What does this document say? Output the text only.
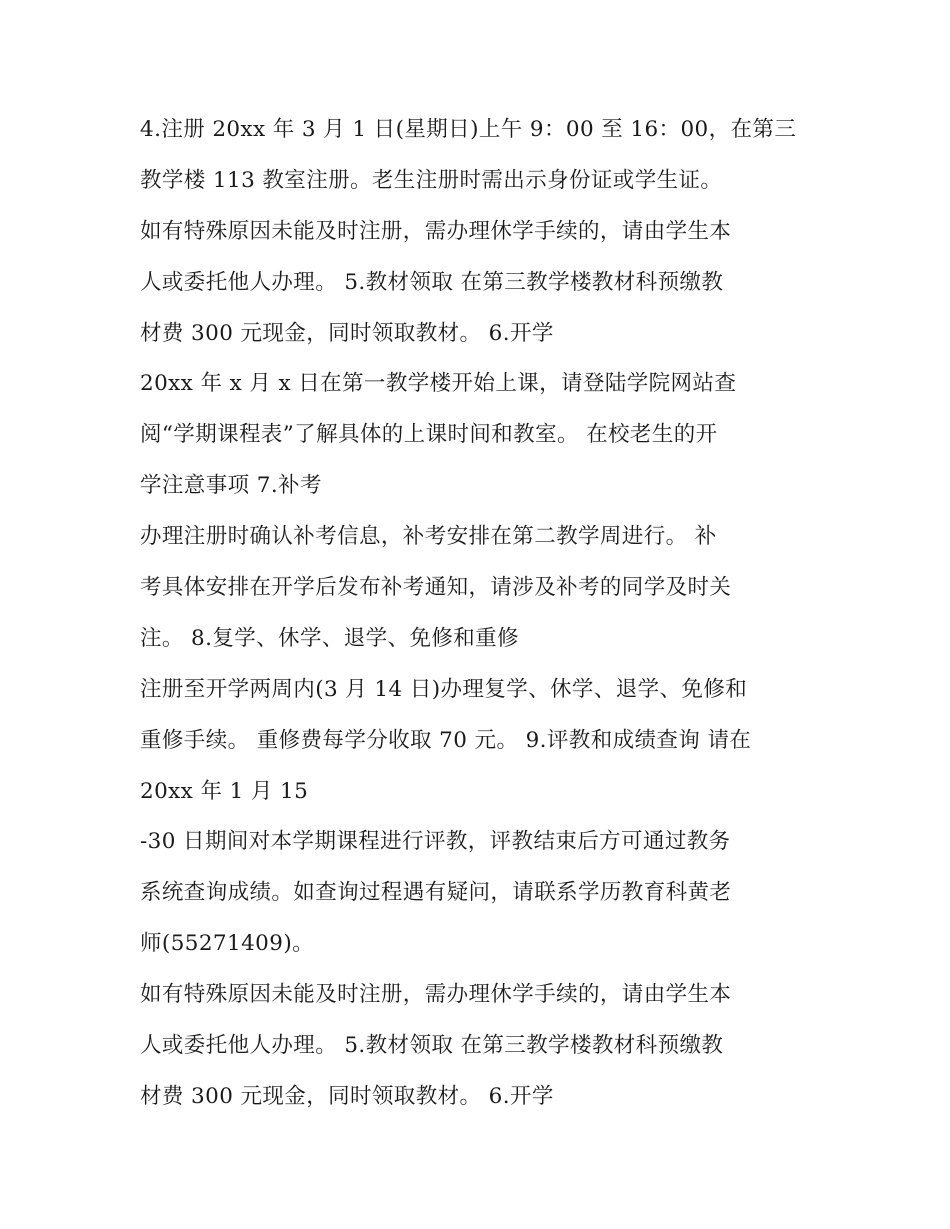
4.注册 20xx 年 3 月 1 日(星期日)上午 9：00 至 16：00，在第三
教学楼 113 教室注册。老生注册时需出示身份证或学生证。
如有特殊原因未能及时注册，需办理休学手续的，请由学生本
人或委托他人办理。 5.教材领取 在第三教学楼教材科预缴教
材费 300 元现金，同时领取教材。 6.开学
20xx 年 x 月 x 日在第一教学楼开始上课，请登陆学院网站查
阅“学期课程表”了解具体的上课时间和教室。 在校老生的开
学注意事项 7.补考
办理注册时确认补考信息，补考安排在第二教学周进行。 补
考具体安排在开学后发布补考通知，请涉及补考的同学及时关
注。 8.复学、休学、退学、免修和重修
注册至开学两周内(3 月 14 日)办理复学、休学、退学、免修和
重修手续。 重修费每学分收取 70 元。 9.评教和成绩查询 请在
20xx 年 1 月 15
-30 日期间对本学期课程进行评教，评教结束后方可通过教务
系统查询成绩。如查询过程遇有疑问，请联系学历教育科黄老
师(55271409)。
如有特殊原因未能及时注册，需办理休学手续的，请由学生本
人或委托他人办理。 5.教材领取 在第三教学楼教材科预缴教
材费 300 元现金，同时领取教材。 6.开学
